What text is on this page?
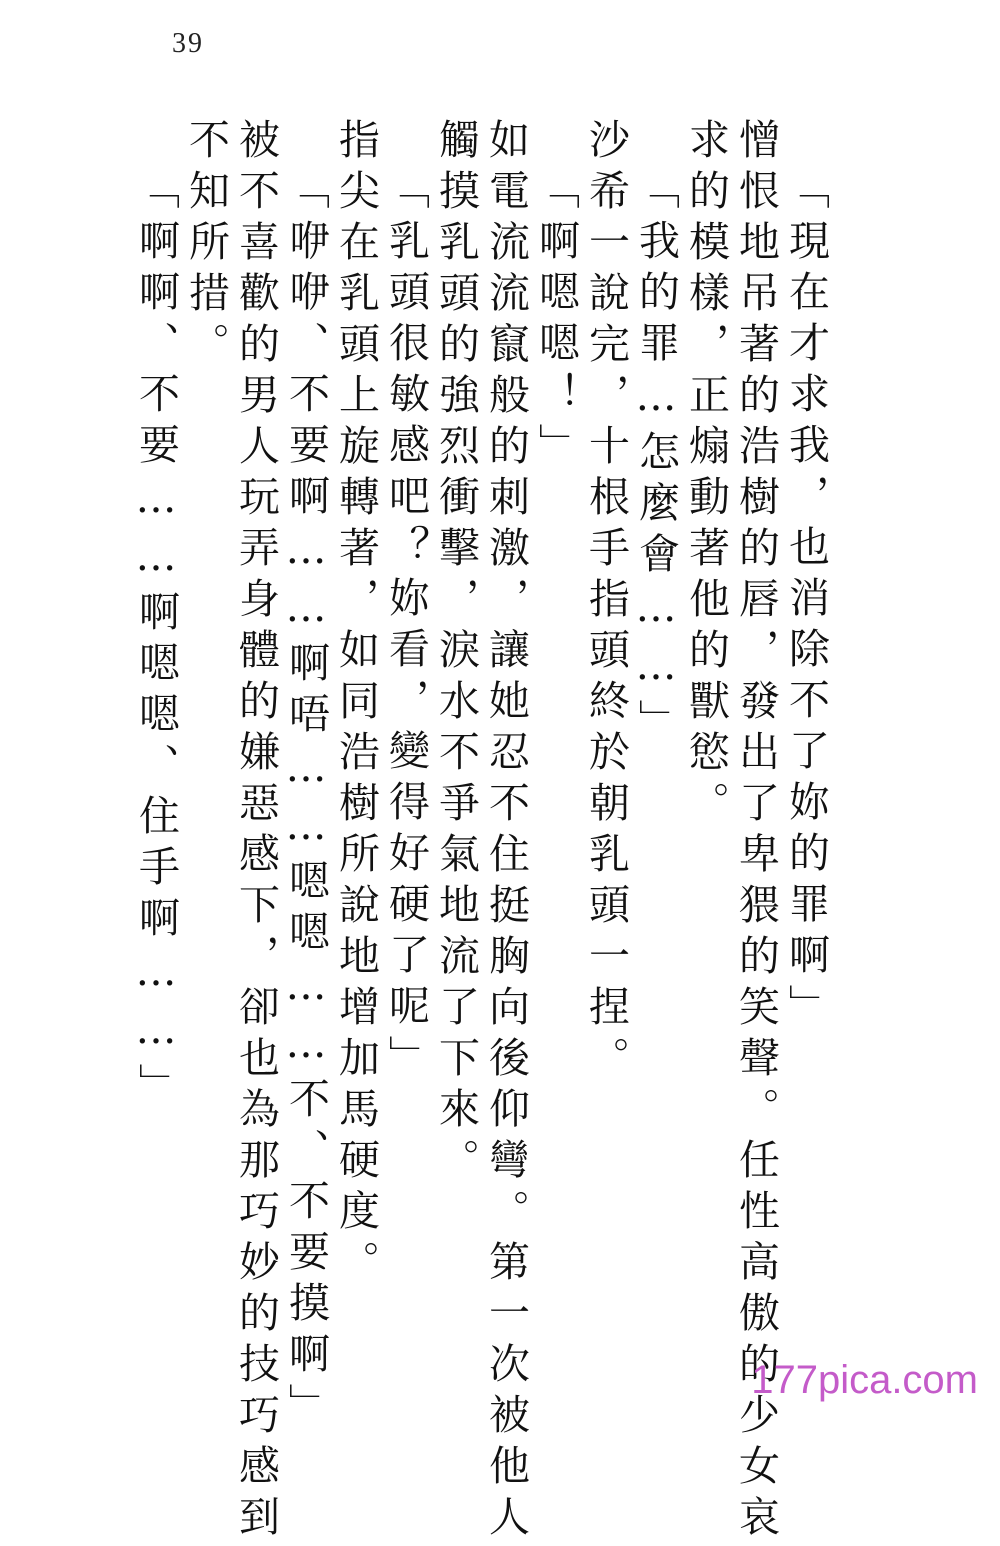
39
「現在才求我，也消除不了妳的罪啊」
憎恨地吊著的浩樹的唇，發出了卑猥的笑聲。任性高傲的少女哀
求的模樣，正煽動著他的獸慾。
「我的罪…怎麼會……」
沙希一說完，十根手指頭終於朝乳頭一捏。
「啊嗯嗯！」
如電流流竄般的刺激，讓她忍不住挺胸向後仰彎。第一次被他人
觸摸乳頭的強烈衝擊，淚水不爭氣地流了下來。
「乳頭很敏感吧？妳看，變得好硬了呢」
指尖在乳頭上旋轉著，如同浩樹所說地增加馬硬度。
「咿咿、不要啊……啊唔……嗯嗯……不、不要摸啊」
被不喜歡的男人玩弄身體的嫌惡感下，卻也為那巧妙的技巧感到
不知所措。
「啊啊、不要……啊嗯嗯、住手啊……」
177pica.com
